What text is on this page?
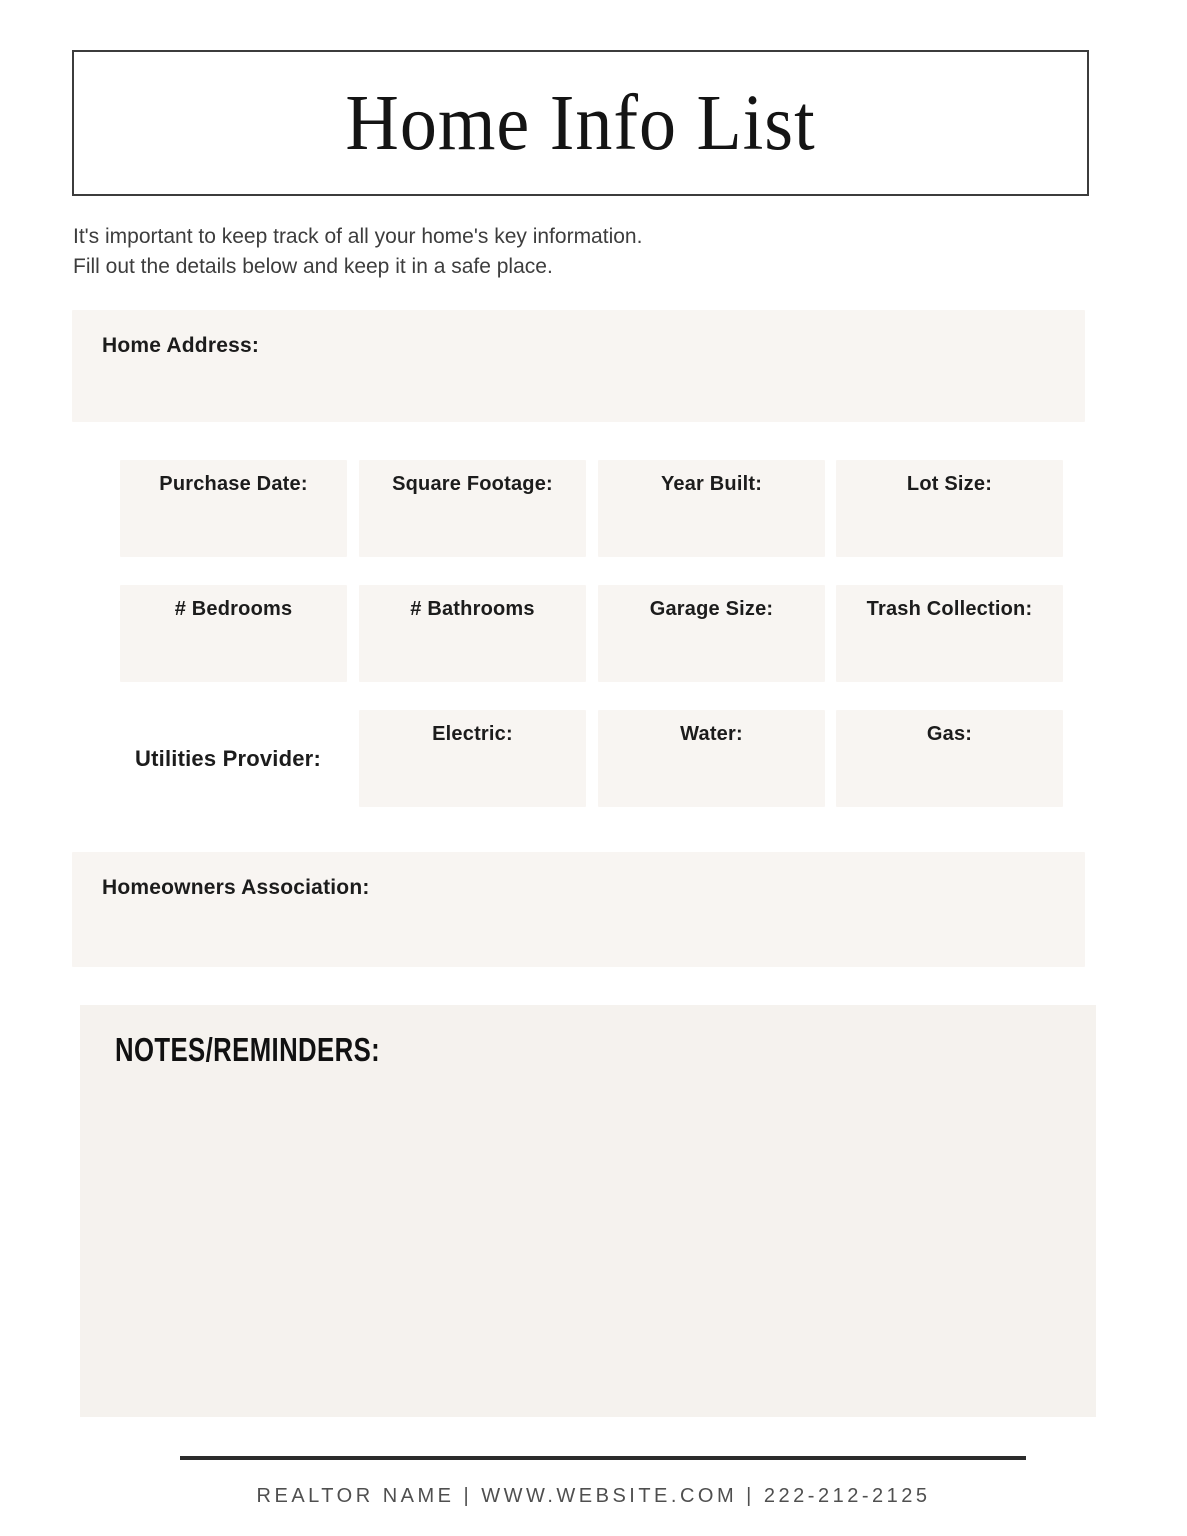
Home Info List
It's important to keep track of all your home's key information.
Fill out the details below and keep it in a safe place.
Home Address:
Purchase Date:	Square Footage:	Year Built:	Lot Size:
# Bedrooms	# Bathrooms	Garage Size:	Trash Collection:
Utilities Provider:
Electric:	Water:	Gas:
Homeowners Association:
NOTES/REMINDERS:
REALTOR NAME | WWW.WEBSITE.COM | 222-212-2125
